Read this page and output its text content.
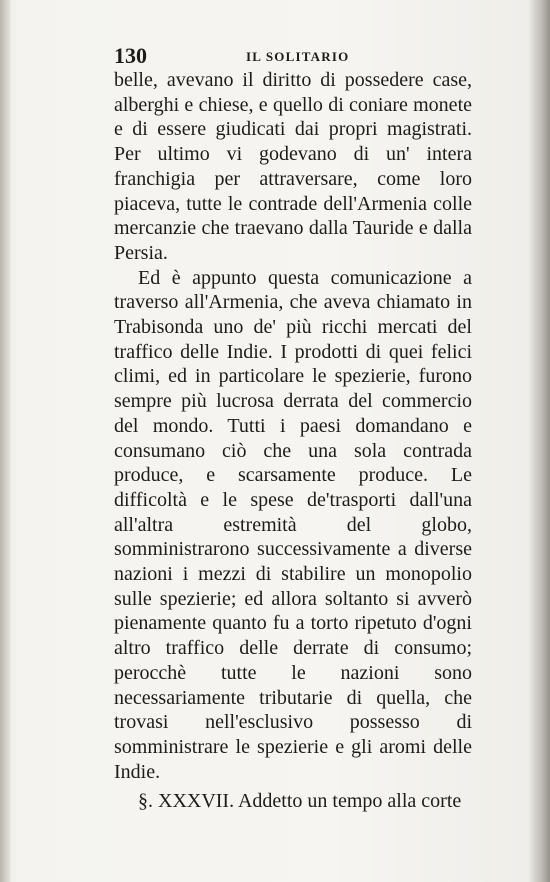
130	IL SOLITARIO

belle, avevano il diritto di possedere case, alberghi e chiese, e quello di coniare monete e di essere giudicati dai propri magistrati. Per ultimo vi godevano di un' intera franchigia per attraversare, come loro piaceva, tutte le contrade dell'Armenia colle mercanzie che traevano dalla Tauride e dalla Persia.

Ed è appunto questa comunicazione a traverso all'Armenia, che aveva chiamato in Trabisonda uno de' più ricchi mercati del traffico delle Indie. I prodotti di quei felici climi, ed in particolare le spezierie, furono sempre più lucrosa derrata del commercio del mondo. Tutti i paesi domandano e consumano ciò che una sola contrada produce, e scarsamente produce. Le difficoltà e le spese de'trasporti dall'una all'altra estremità del globo, somministrarono successivamente a diverse nazioni i mezzi di stabilire un monopolio sulle spezierie; ed allora soltanto si avverò pienamente quanto fu a torto ripetuto d'ogni altro traffico delle derrate di consumo; perocchè tutte le nazioni sono necessariamente tributarie di quella, che trovasi nell'esclusivo possesso di somministrare le spezierie e gli aromi delle Indie.

§. XXXVII. Addetto un tempo alla corte
